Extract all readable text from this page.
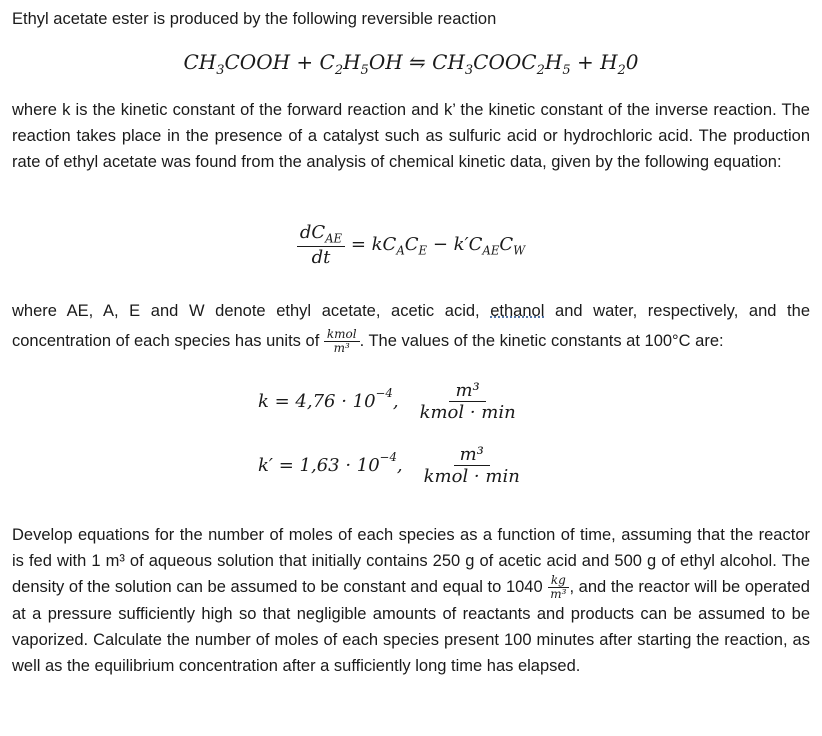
Ethyl acetate ester is produced by the following reversible reaction
$CH_3COOH + C_2H_5OH$ ⇋ $CH_3COOC_2H_5 + H_20$
where k is the kinetic constant of the forward reaction and k’ the kinetic constant of the inverse reaction. The reaction takes place in the presence of a catalyst such as sulfuric acid or hydrochloric acid. The production rate of ethyl acetate was found from the analysis of chemical kinetic data, given by the following equation:
$\frac{dC_{AE}}{dt} = kC_AC_E - k'C_{AE}C_W$
where AE, A, E and W denote ethyl acetate, acetic acid, ethanol and water, respectively, and the concentration of each species has units of $\frac{\text{kmol}}{\text{m³}}$ . The values of the kinetic constants at 100°C are:
$k = 4,76 \cdot 10^{-4}$ , $\frac{\text{m³}}{\text{kmol · min}}$
$k' = 1,63 \cdot 10^{-4}$ , $\frac{\text{m³}}{\text{kmol · min}}$
Develop equations for the number of moles of each species as a function of time, assuming that the reactor is fed with 1 m³ of aqueous solution that initially contains 250 g of acetic acid and 500 g of ethyl alcohol. The density of the solution can be assumed to be constant and equal to $1040 \frac{kg}{\text{m³}}$ , and the reactor will be operated at a pressure sufficiently high so that negligible amounts of reactants and products can be assumed to be vaporized. Calculate the number of moles of each species present 100 minutes after starting the reaction, as well as the equilibrium concentration after a sufficiently long time has elapsed.
